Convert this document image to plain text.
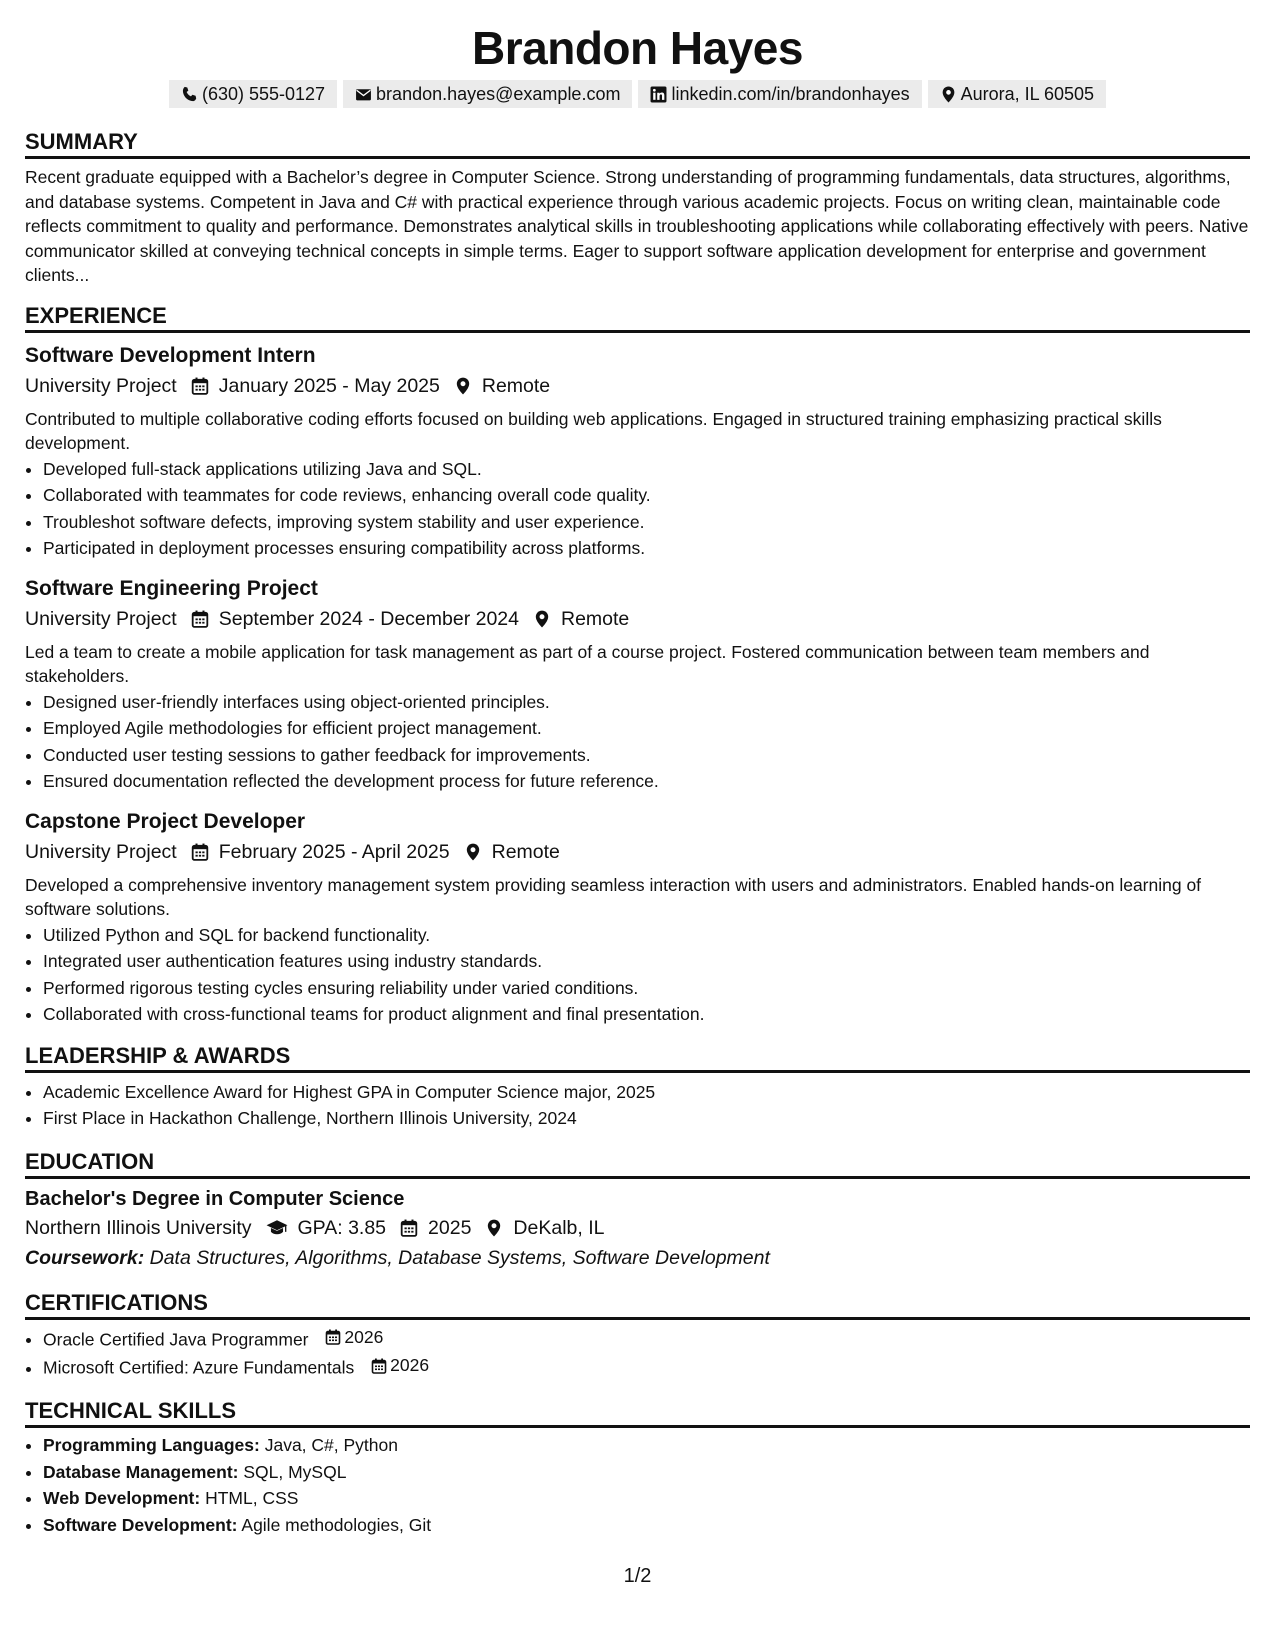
Brandon Hayes
(630) 555-0127	brandon.hayes@example.com	linkedin.com/in/brandonhayes	Aurora, IL 60505
SUMMARY

Recent graduate equipped with a Bachelor’s degree in Computer Science. Strong understanding of programming fundamentals, data structures, algorithms, and database systems. Competent in Java and C# with practical experience through various academic projects. Focus on writing clean, maintainable code reflects commitment to quality and performance. Demonstrates analytical skills in troubleshooting applications while collaborating effectively with peers. Native communicator skilled at conveying technical concepts in simple terms. Eager to support software application development for enterprise and government clients...

EXPERIENCE
Software Development Intern
University Project January 2025 - May 2025 Remote

Contributed to multiple collaborative coding efforts focused on building web applications. Engaged in structured training emphasizing practical skills development.

• Developed full-stack applications utilizing Java and SQL.
• Collaborated with teammates for code reviews, enhancing overall code quality.
• Troubleshot software defects, improving system stability and user experience.
• Participated in deployment processes ensuring compatibility across platforms.
Software Engineering Project
University Project September 2024 - December 2024 Remote

Led a team to create a mobile application for task management as part of a course project. Fostered communication between team members and stakeholders.

• Designed user-friendly interfaces using object-oriented principles.
• Employed Agile methodologies for efficient project management.
• Conducted user testing sessions to gather feedback for improvements.
• Ensured documentation reflected the development process for future reference.
Capstone Project Developer
University Project February 2025 - April 2025 Remote

Developed a comprehensive inventory management system providing seamless interaction with users and administrators. Enabled hands-on learning of software solutions.

• Utilized Python and SQL for backend functionality.
• Integrated user authentication features using industry standards.
• Performed rigorous testing cycles ensuring reliability under varied conditions.
• Collaborated with cross-functional teams for product alignment and final presentation.
LEADERSHIP & AWARDS
• Academic Excellence Award for Highest GPA in Computer Science major, 2025
• First Place in Hackathon Challenge, Northern Illinois University, 2024
EDUCATION
Bachelor's Degree in Computer Science
Northern Illinois University GPA: 3.85 2025 DeKalb, IL
Coursework: Data Structures, Algorithms, Database Systems, Software Development
CERTIFICATIONS
• Oracle Certified Java Programmer 2026
• Microsoft Certified: Azure Fundamentals 2026
TECHNICAL SKILLS
• Programming Languages: Java, C#, Python
• Database Management: SQL, MySQL
• Web Development: HTML, CSS
• Software Development: Agile methodologies, Git
1/2
